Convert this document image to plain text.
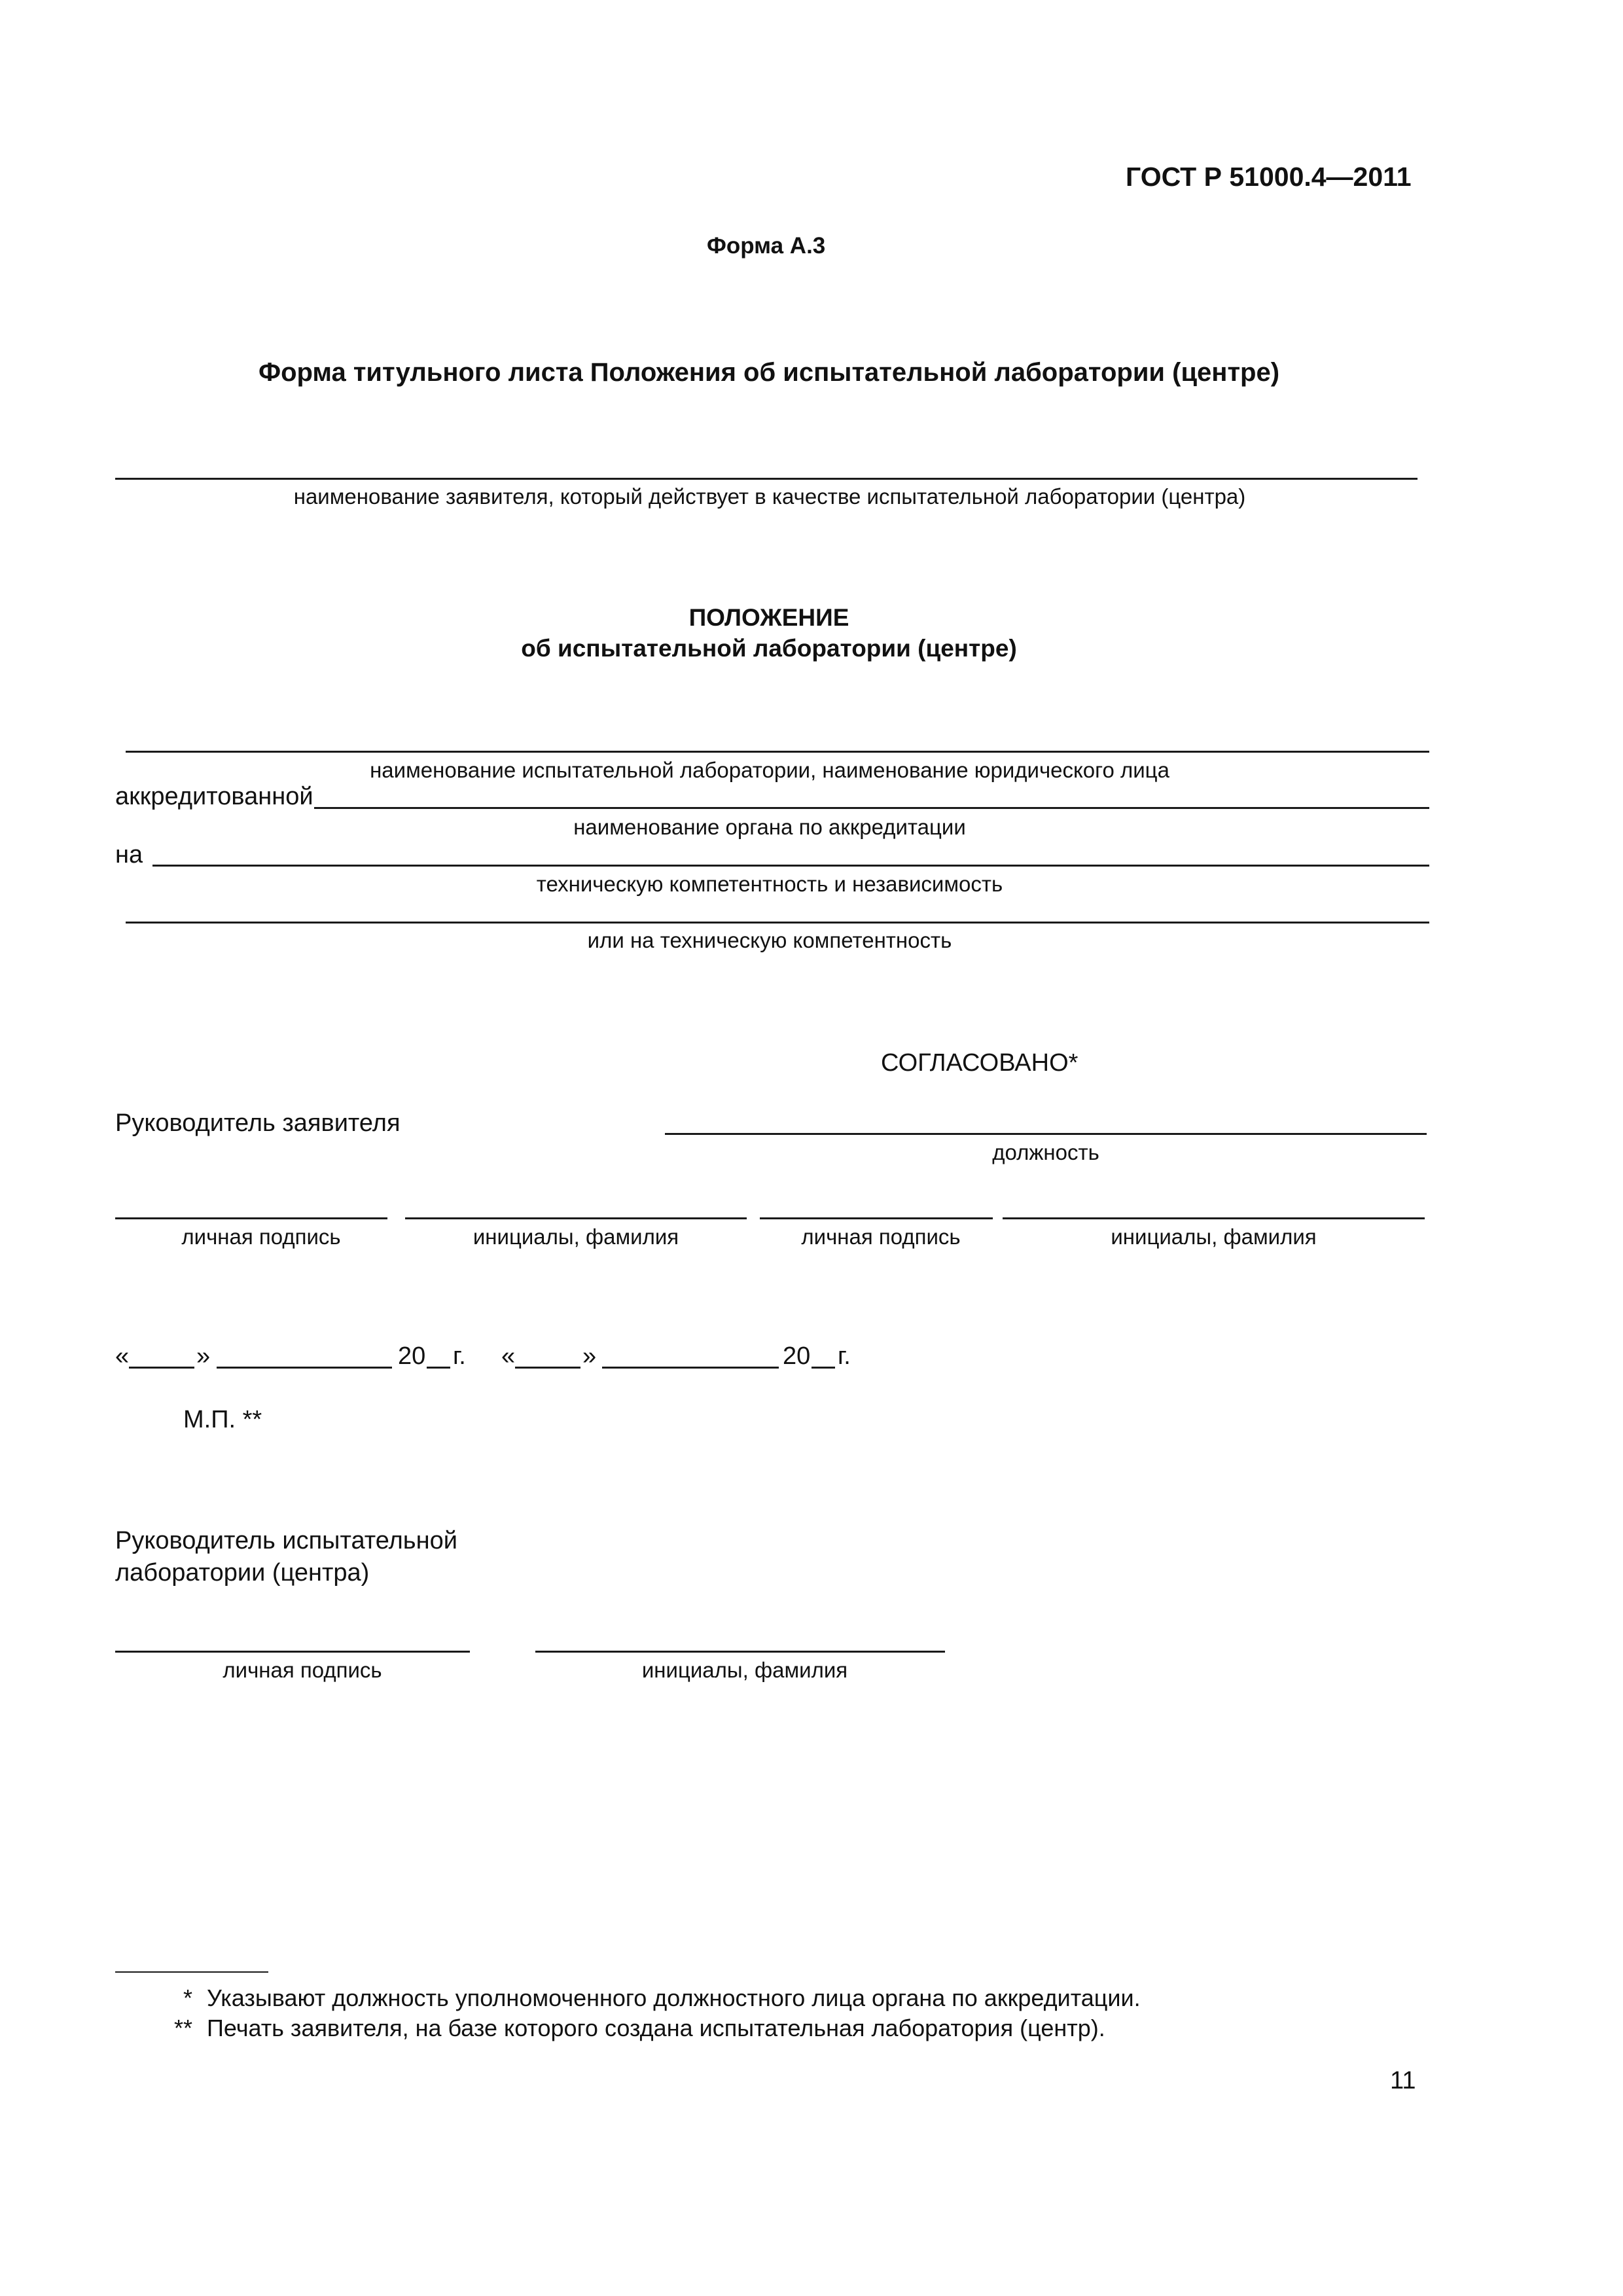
ГОСТ Р 51000.4—2011
Форма А.3
Форма титульного листа Положения об испытательной лаборатории (центре)
наименование заявителя, который действует в качестве испытательной лаборатории (центра)
ПОЛОЖЕНИЕ
об испытательной лаборатории (центре)
наименование испытательной лаборатории, наименование юридического лица
аккредитованной
наименование органа по аккредитации
на
техническую компетентность и независимость
или на техническую компетентность
СОГЛАСОВАНО*
Руководитель заявителя
должность
личная подпись	инициалы, фамилия	личная подпись	инициалы, фамилия
«	»	20 г. «	»	20 г.
М.П. **
Руководитель испытательной
лаборатории (центра)
личная подпись	инициалы, фамилия
* Указывают должность уполномоченного должностного лица органа по аккредитации.
** Печать заявителя, на базе которого создана испытательная лаборатория (центр).
11
